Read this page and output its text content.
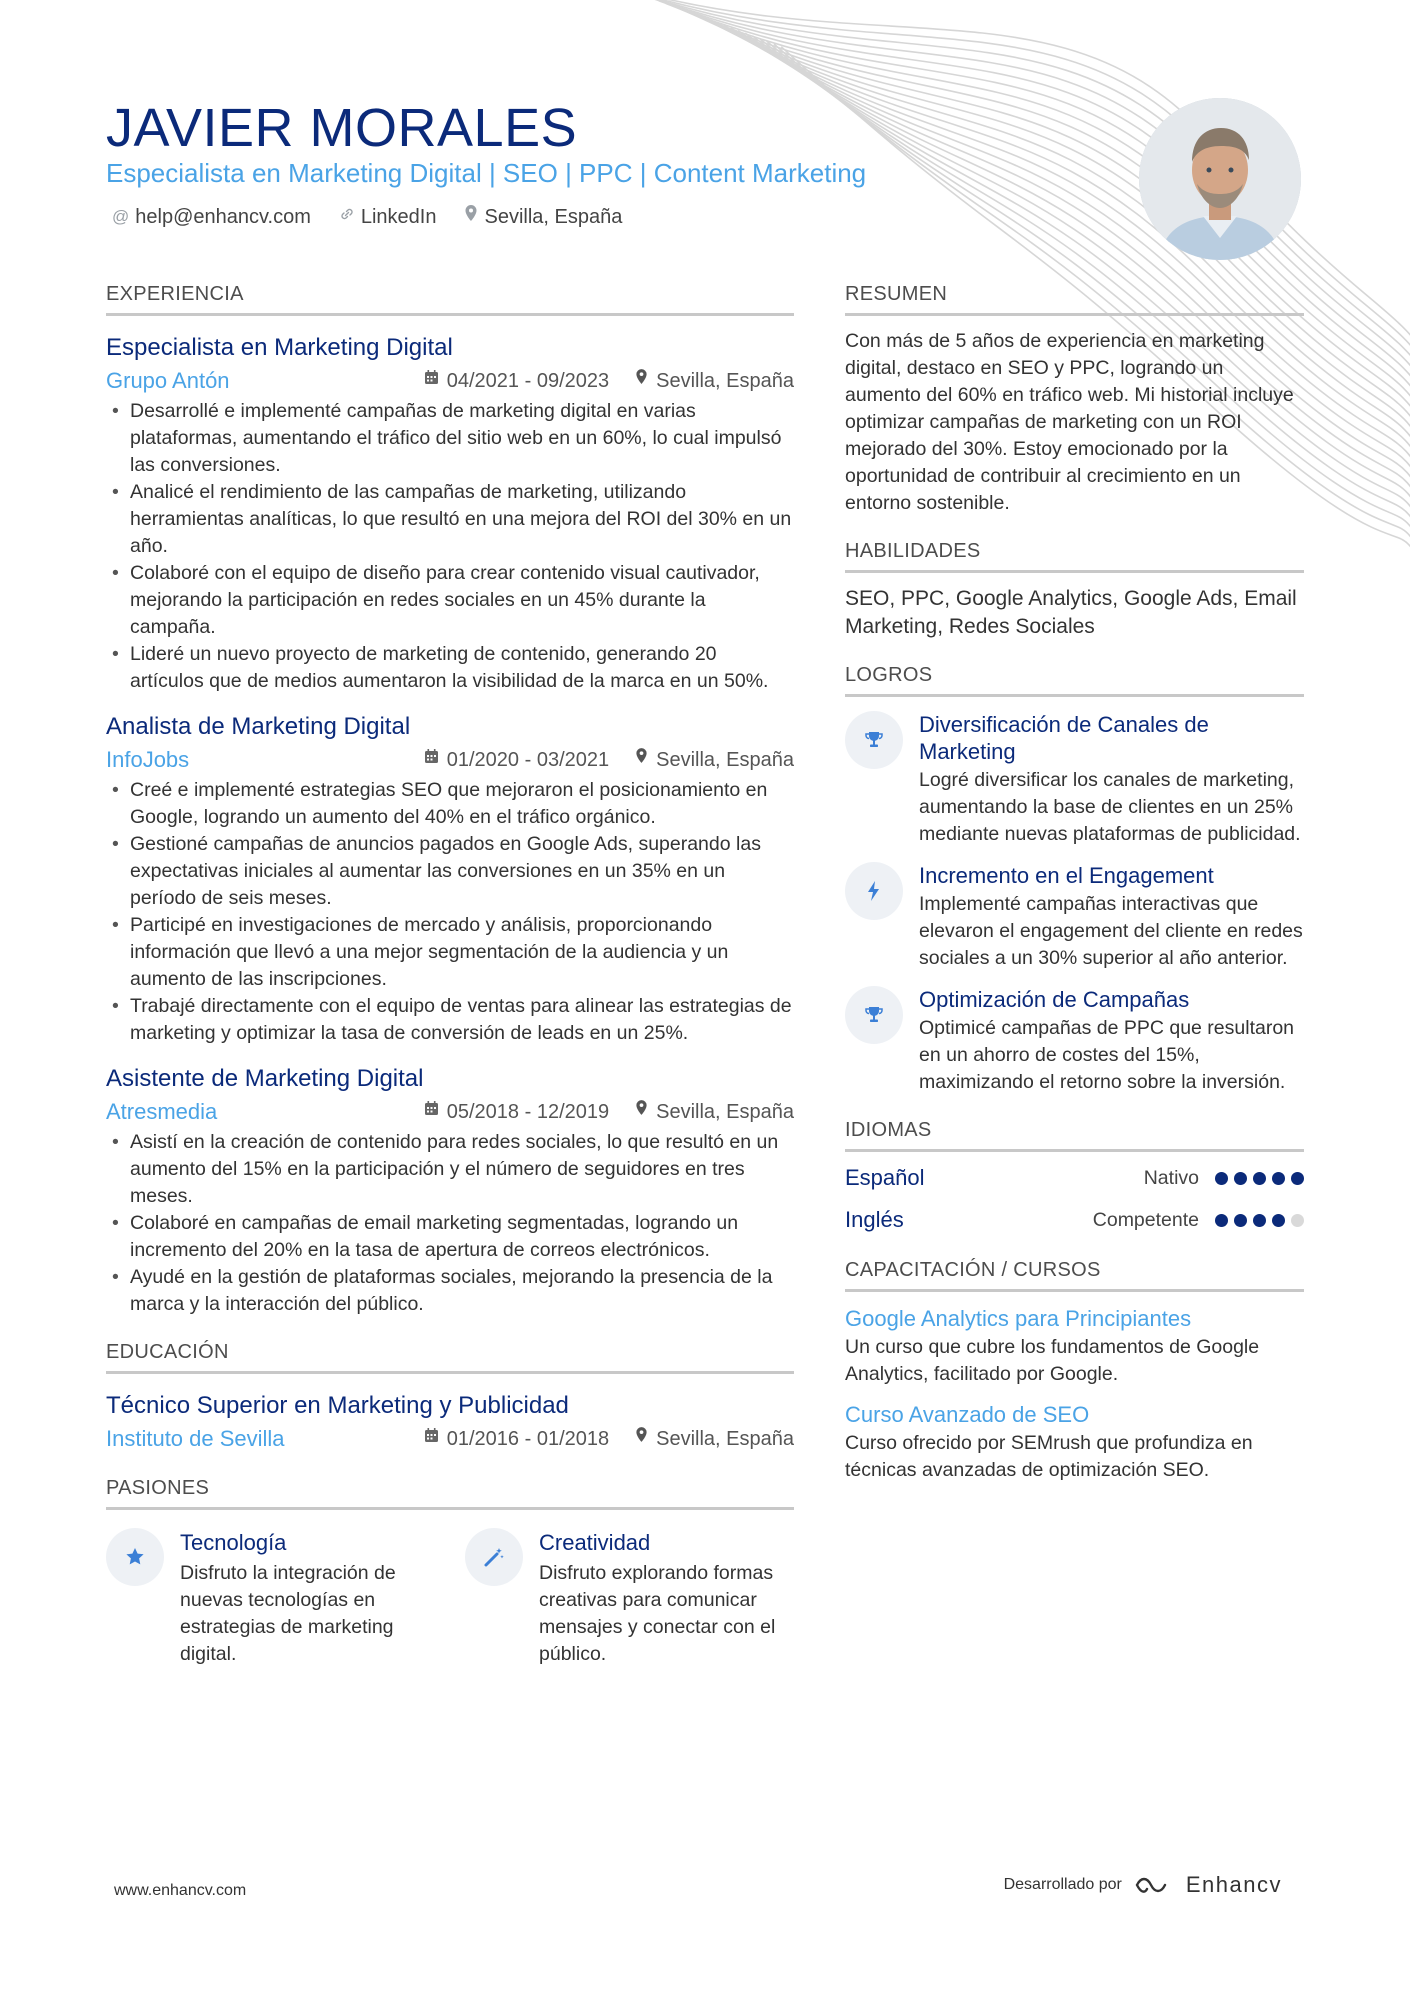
JAVIER MORALES
Especialista en Marketing Digital | SEO | PPC | Content Marketing
@ help@enhancv.com	LinkedIn Sevilla, España
EXPERIENCIA
Especialista en Marketing Digital
Grupo Antón	04/2021 - 09/2023 Sevilla, España
• Desarrollé e implementé campañas de marketing digital en varias plataformas, aumentando el tráfico del sitio web en un 60%, lo cual impulsó las conversiones.
• Analicé el rendimiento de las campañas de marketing, utilizando herramientas analíticas, lo que resultó en una mejora del ROI del 30% en un año.
• Colaboré con el equipo de diseño para crear contenido visual cautivador, mejorando la participación en redes sociales en un 45% durante la campaña.
• Lideré un nuevo proyecto de marketing de contenido, generando 20 artículos que de medios aumentaron la visibilidad de la marca en un 50%.
Analista de Marketing Digital
InfoJobs	01/2020 - 03/2021 Sevilla, España
• Creé e implementé estrategias SEO que mejoraron el posicionamiento en Google, logrando un aumento del 40% en el tráfico orgánico.
• Gestioné campañas de anuncios pagados en Google Ads, superando las expectativas iniciales al aumentar las conversiones en un 35% en un período de seis meses.
• Participé en investigaciones de mercado y análisis, proporcionando información que llevó a una mejor segmentación de la audiencia y un aumento de las inscripciones.
• Trabajé directamente con el equipo de ventas para alinear las estrategias de marketing y optimizar la tasa de conversión de leads en un 25%.
Asistente de Marketing Digital
Atresmedia	05/2018 - 12/2019 Sevilla, España
• Asistí en la creación de contenido para redes sociales, lo que resultó en un aumento del 15% en la participación y el número de seguidores en tres meses.
• Colaboré en campañas de email marketing segmentadas, logrando un incremento del 20% en la tasa de apertura de correos electrónicos.
• Ayudé en la gestión de plataformas sociales, mejorando la presencia de la marca y la interacción del público.
EDUCACIÓN
Técnico Superior en Marketing y Publicidad
Instituto de Sevilla	01/2016 - 01/2018 Sevilla, España
PASIONES
Tecnología
Disfruto la integración de nuevas tecnologías en estrategias de marketing digital.
Creatividad
Disfruto explorando formas creativas para comunicar mensajes y conectar con el público.
RESUMEN
Con más de 5 años de experiencia en marketing digital, destaco en SEO y PPC, logrando un aumento del 60% en tráfico web. Mi historial incluye optimizar campañas de marketing con un ROI mejorado del 30%. Estoy emocionado por la oportunidad de contribuir al crecimiento en un entorno sostenible.
HABILIDADES
SEO, PPC, Google Analytics, Google Ads, Email Marketing, Redes Sociales
LOGROS
Diversificación de Canales de Marketing
Logré diversificar los canales de marketing, aumentando la base de clientes en un 25% mediante nuevas plataformas de publicidad.
Incremento en el Engagement
Implementé campañas interactivas que elevaron el engagement del cliente en redes sociales a un 30% superior al año anterior.
Optimización de Campañas
Optimicé campañas de PPC que resultaron en un ahorro de costes del 15%, maximizando el retorno sobre la inversión.
IDIOMAS
Español	Nativo
Inglés	Competente
CAPACITACIÓN / CURSOS
Google Analytics para Principiantes
Un curso que cubre los fundamentos de Google Analytics, facilitado por Google.
Curso Avanzado de SEO
Curso ofrecido por SEMrush que profundiza en técnicas avanzadas de optimización SEO.
www.enhancv.com	Desarrollado por	Enhancv
